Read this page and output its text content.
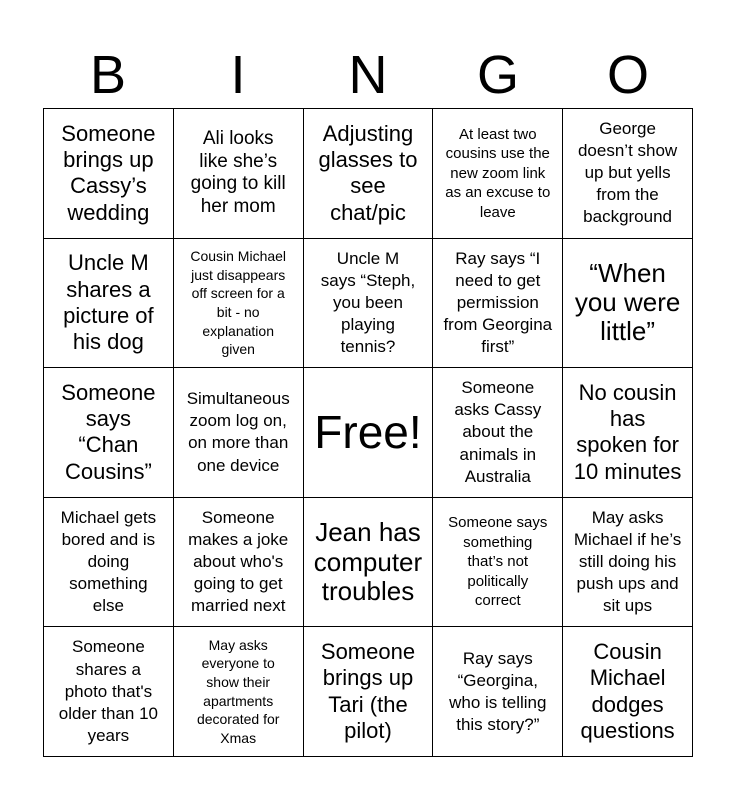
B	I	N	G	O
Someone
brings up
Cassy’s
wedding
Ali looks
like she’s
going to kill
her mom
Adjusting
glasses to
see
chat/pic
At least two
cousins use the
new zoom link
as an excuse to
leave
George
doesn’t show
up but yells
from the
background
Uncle M
shares a
picture of
his dog
Cousin Michael
just disappears
off screen for a
bit - no
explanation
given
Uncle M
says “Steph,
you been
playing
tennis?
Ray says “I
need to get
permission
from Georgina
first”
“When
you were
little”
Someone
says
“Chan
Cousins”
Simultaneous
zoom log on,
on more than
one device
Free!
Someone
asks Cassy
about the
animals in
Australia
No cousin
has
spoken for
10 minutes
Michael gets
bored and is
doing
something
else
Someone
makes a joke
about who's
going to get
married next
Jean has
computer
troubles
Someone says
something
that’s not
politically
correct
May asks
Michael if he’s
still doing his
push ups and
sit ups
Someone
shares a
photo that's
older than 10
years
May asks
everyone to
show their
apartments
decorated for
Xmas
Someone
brings up
Tari (the
pilot)
Ray says
“Georgina,
who is telling
this story?”
Cousin
Michael
dodges
questions
